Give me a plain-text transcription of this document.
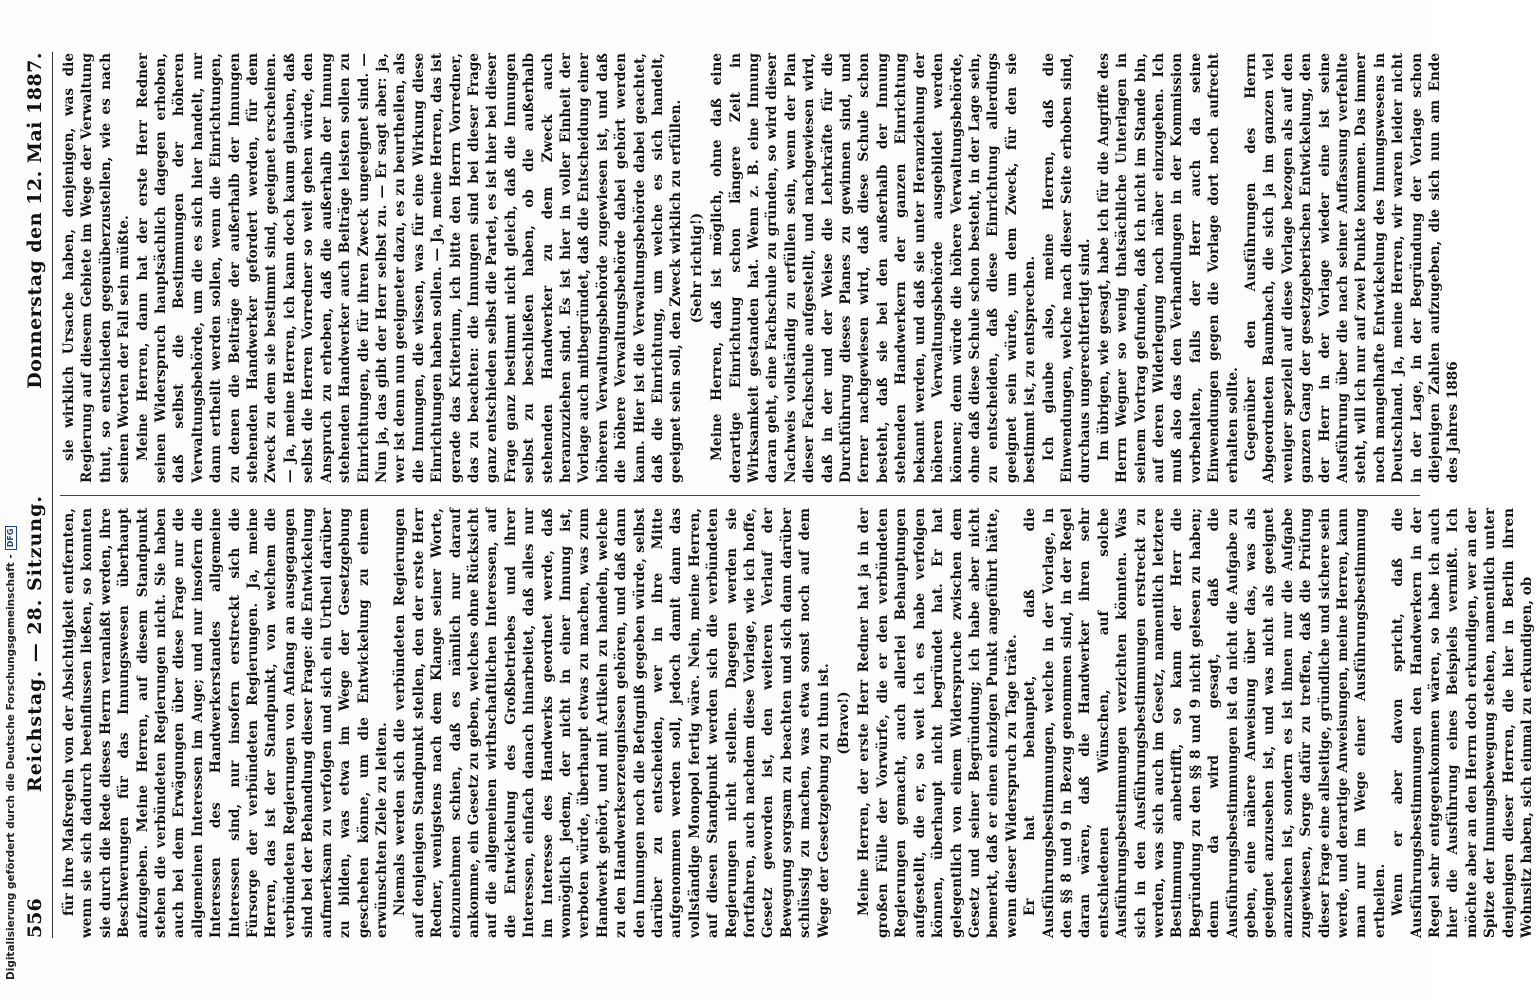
556
Reichstag. — 28. Sitzung.
Donnerstag den 12. Mai 1887.

für ihre Maßregeln von der Absichtigkeit entfernten, wenn sie sich dadurch beeinflussen ließen, so konnten sie durch die Rede dieses Herrn veranlaßt werden, ihre Beschwerungen für das Innungswesen überhaupt aufzugeben. Meine Herren, auf diesem Standpunkt stehen die verbündeten Regierungen nicht. Sie haben auch bei dem Erwägungen über diese Frage nur die allgemeinen Interessen im Auge; und nur insofern die Interessen des Handwerkerstandes allgemeine Interessen sind, nur insofern erstreckt sich die Fürsorge der verbündeten Regierungen. Ja, meine Herren, das ist der Standpunkt, von welchem die verbündeten Regierungen von Anfang an ausgegangen sind bei der Behandlung dieser Frage: die Entwickelung aufmerksam zu verfolgen und sich ein Urtheil darüber zu bilden, was etwa im Wege der Gesetzgebung geschehen könne, um die Entwickelung zu einem erwünschten Ziele zu leiten. Niemals werden sich die verbündeten Regierungen auf denjenigen Standpunkt stellen, den der erste Herr Redner, wenigstens nach dem Klange seiner Worte, einzunehmen schien, daß es nämlich nur darauf ankomme, ein Gesetz zu geben, welches ohne Rücksicht auf die allgemeinen wirthschaftlichen Interessen, auf die Entwickelung des Großbetriebes und ihrer Interessen, einfach danach hinarbeitet, daß alles nur im Interesse des Handwerks geordnet werde, daß womöglich jedem, der nicht in einer Innung ist, verboten würde, überhaupt etwas zu machen, was zum Handwerk gehört, und mit Artikeln zu handeln, welche zu den Handwerkserzeugnissen gehören, und daß dann den Innungen noch die Befugniß gegeben würde, selbst darüber zu entscheiden, wer in ihre Mitte aufgenommen werden soll, jedoch damit dann das vollständige Monopol fertig wäre. Nein, meine Herren, auf diesen Standpunkt werden sich die verbündeten Regierungen nicht stellen. Dagegen werden sie fortfahren, auch nachdem diese Vorlage, wie ich hoffe, Gesetz geworden ist, den weiteren Verlauf der Bewegung sorgsam zu beachten und sich dann darüber schlüssig zu machen, was etwa sonst noch auf dem Wege der Gesetzgebung zu thun ist. (Bravo!) Meine Herren, der erste Herr Redner hat ja in der großen Fülle der Vorwürfe, die er den verbündeten Regierungen gemacht, auch allerlei Behauptungen aufgestellt, die er, so weit ich es habe verfolgen können, überhaupt nicht begründet hat. Er hat gelegentlich von einem Widerspruche zwischen dem Gesetz und seiner Begründung; ich habe aber nicht bemerkt, daß er einen einzigen Punkt angeführt hätte, wenn dieser Widerspruch zu Tage träte. Er hat behauptet, daß die Ausführungsbestimmungen, welche in der Vorlage, in den §§ 8 und 9 in Bezug genommen sind, in der Regel daran wären, daß die Handwerker ihren sehr entschiedenen Wünschen, auf solche Ausführungsbestimmungen verzichten könnten. Was sich in den Ausführungsbestimmungen erstreckt zu werden, was sich auch im Gesetz, namentlich letztere Bestimmung anbetrifft, so kann der Herr die Begründung zu den §§ 8 und 9 nicht gelesen zu haben; denn da wird gesagt, daß die Ausführungsbestimmungen ist da nicht die Aufgabe zu geben, eine nähere Anweisung über das, was als geeignet anzusehen ist, und was nicht als geeignet anzusehen ist, sondern es ist ihnen nur die Aufgabe zugewiesen, Sorge dafür zu treffen, daß die Prüfung dieser Frage eine allseitige, gründliche und sichere sein werde, und derartige Anweisungen, meine Herren, kann man nur im Wege einer Ausführungsbestimmung ertheilen. Wenn er aber davon spricht, daß die Ausführungsbestimmungen den Handwerkern in der Regel sehr entgegenkommen wären, so habe ich auch hier die Ausführung eines Beispiels vermißt. Ich möchte aber an den Herrn doch erkundigen, wer an der Spitze der Innungsbewegung stehen, namentlich unter denjenigen dieser Herren, die hier in Berlin ihren Wohnsitz haben, sich einmal zu erkundigen, ob

sie wirklich Ursache haben, denjenigen, was die Regierung auf diesem Gebiete im Wege der Verwaltung thut, so entschieden gegenüberzustellen, wie es nach seinen Worten der Fall sein müßte. Meine Herren, dann hat der erste Herr Redner seinen Widerspruch hauptsächlich dagegen erhoben, daß selbst die Bestimmungen der höheren Verwaltungsbehörde, um die es sich hier handelt, nur dann ertheilt werden sollen, wenn die Einrichtungen, zu denen die Beiträge der außerhalb der Innungen stehenden Handwerker gefordert werden, für dem Zweck zu dem sie bestimmt sind, geeignet erscheinen. — Ja, meine Herren, ich kann doch kaum glauben, daß selbst die Herren Vorredner so weit gehen würde, den Anspruch zu erheben, daß die außerhalb der Innung stehenden Handwerker auch Beiträge leisten sollen zu Einrichtungen, die für ihren Zweck ungeeignet sind. — Nun ja, das gibt der Herr selbst zu. — Er sagt aber: ja, wer ist denn nun geeigneter dazu, es zu beurtheilen, als die Innungen, die wissen, was für eine Wirkung diese Einrichtungen haben sollen. — Ja, meine Herren, das ist gerade das Kriterium, ich bitte den Herrn Vorredner, das zu beachten: die Innungen sind bei dieser Frage ganz entschieden selbst die Partei, es ist hier bei dieser Frage ganz bestimmt nicht gleich, daß die Innungen selbst zu beschließen haben, ob die außerhalb stehenden Handwerker zu dem Zweck auch heranzuziehen sind. Es ist hier in voller Einheit der Vorlage auch mitbegründet, daß die Entscheidung einer höheren Verwaltungsbehörde zugewiesen ist, und daß die höhere Verwaltungsbehörde dabei gehört werden kann. Hier ist die Verwaltungsbehörde dabei geachtet, daß die Einrichtung, um welche es sich handelt, geeignet sein soll, den Zweck wirklich zu erfüllen. (Sehr richtig!) Meine Herren, daß ist möglich, ohne daß eine derartige Einrichtung schon längere Zeit in Wirksamkeit gestanden hat. Wenn z. B. eine Innung daran geht, eine Fachschule zu gründen, so wird dieser Nachweis vollständig zu erfüllen sein, wenn der Plan dieser Fachschule aufgestellt, und nachgewiesen wird, daß in der und der Weise die Lehrkräfte für die Durchführung dieses Planes zu gewinnen sind, und ferner nachgewiesen wird, daß diese Schule schon besteht, daß sie bei den außerhalb der Innung stehenden Handwerkern der ganzen Einrichtung bekannt werden, und daß sie unter Heranziehung der höheren Verwaltungsbehörde ausgebildet werden können; denn würde die höhere Verwaltungsbehörde, ohne daß diese Schule schon besteht, in der Lage sein, zu entscheiden, daß diese Einrichtung allerdings geeignet sein würde, um dem Zweck, für den sie bestimmt ist, zu entsprechen. Ich glaube also, meine Herren, daß die Einwendungen, welche nach dieser Seite erhoben sind, durchaus ungerechtfertigt sind. Im übrigen, wie gesagt, habe ich für die Angriffe des Herrn Wegner so wenig thatsächliche Unterlagen in seinem Vortrag gefunden, daß ich nicht im Stande bin, auf deren Widerlegung noch näher einzugehen. Ich muß also das den Verhandlungen in der Kommission vorbehalten, falls der Herr auch da seine Einwendungen gegen die Vorlage dort noch aufrecht erhalten sollte. Gegenüber den Ausführungen des Herrn Abgeordneten Baumbach, die sich ja im ganzen viel weniger speziell auf diese Vorlage bezogen als auf den ganzen Gang der gesetzgeberischen Entwickelung, den der Herr in der Vorlage wieder eine ist seine Ausführung über die nach seiner Auffassung verfehlte steht, will ich nur auf zwei Punkte kommen. Das immer noch mangelhafte Entwickelung des Innungswesens in Deutschland. Ja, meine Herren, wir waren leider nicht in der Lage, in der Begründung der Vorlage schon diejenigen Zahlen aufzugeben, die sich nun am Ende des Jahres 1886

Digitalisierung gefördert durch die Deutsche Forschungsgemeinschaft -
DFG
